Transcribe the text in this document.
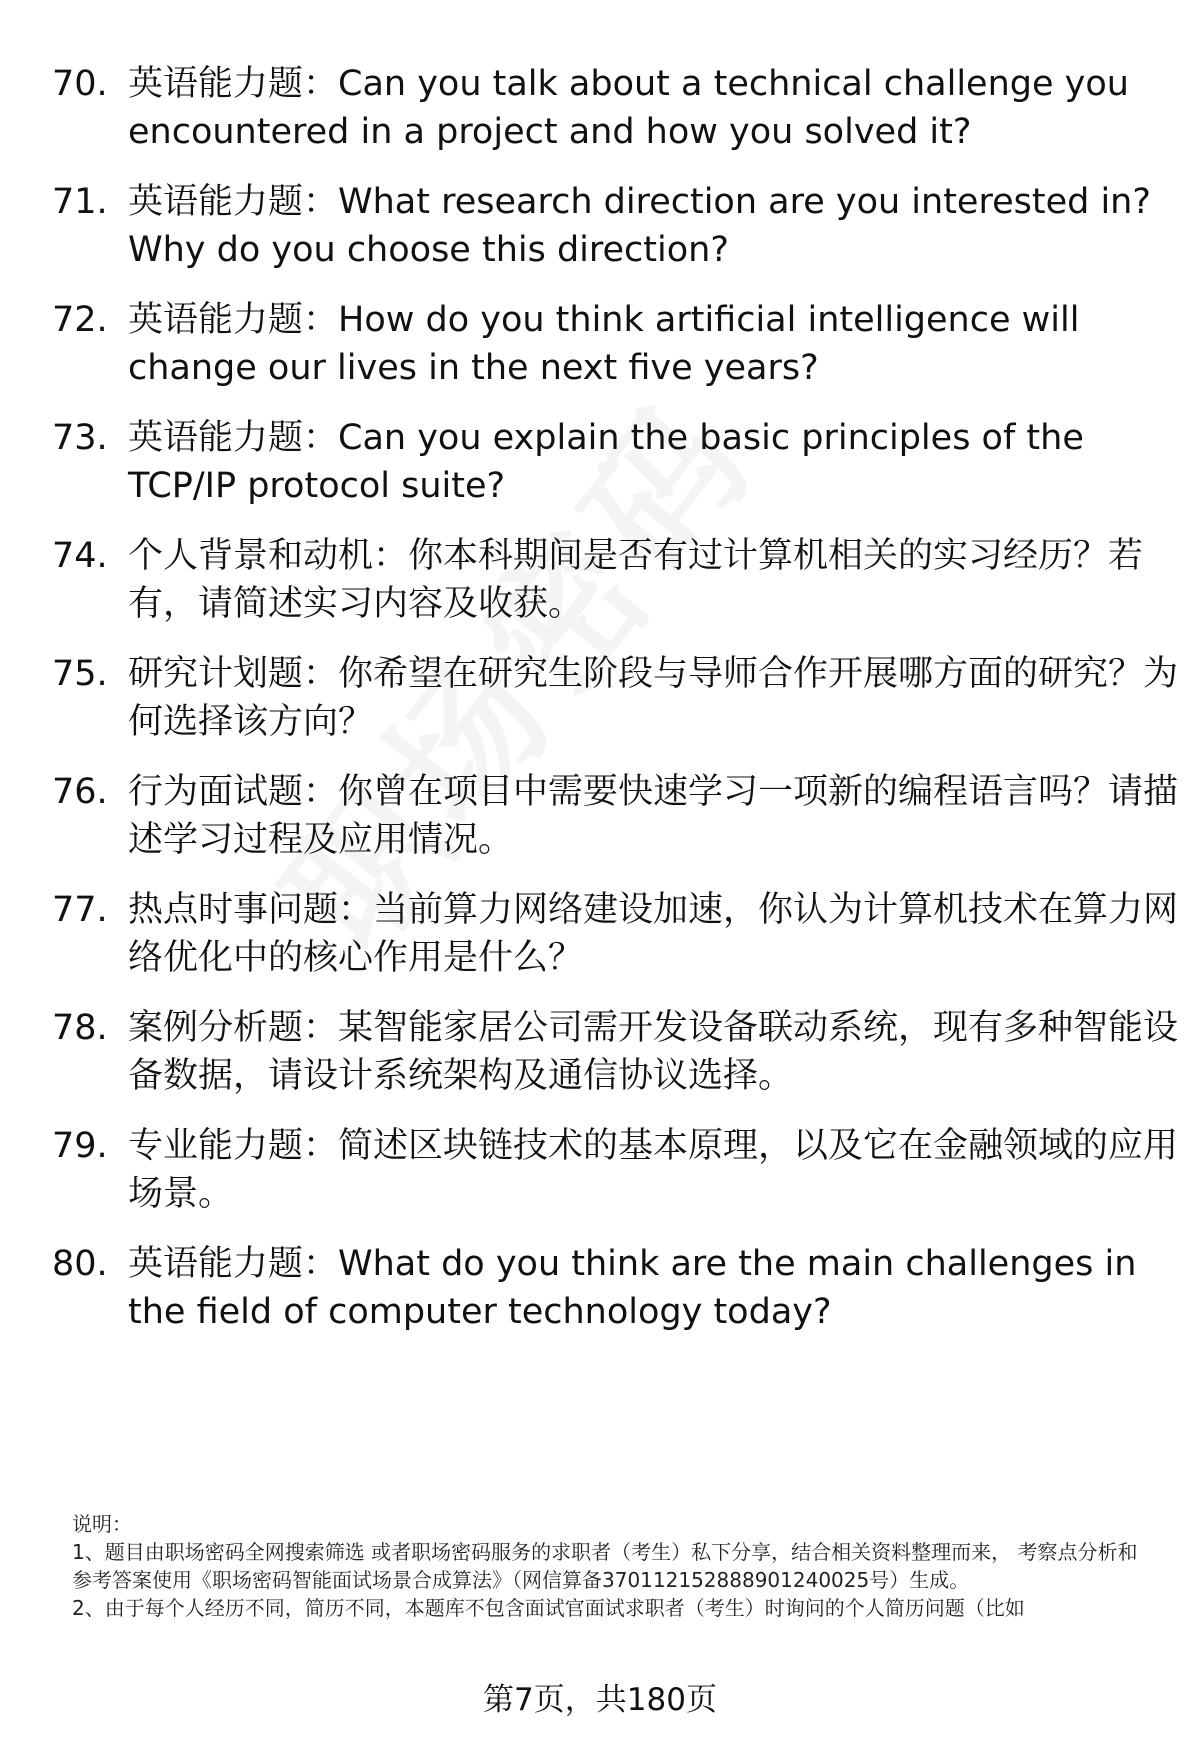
70. 英语能力题：Can you talk about a technical challenge you encountered in a project and how you solved it?
71. 英语能力题：What research direction are you interested in? Why do you choose this direction?
72. 英语能力题：How do you think artificial intelligence will change our lives in the next five years?
73. 英语能力题：Can you explain the basic principles of the TCP/IP protocol suite?
74. 个人背景和动机：你本科期间是否有过计算机相关的实习经历？若有，请简述实习内容及收获。
75. 研究计划题：你希望在研究生阶段与导师合作开展哪方面的研究？为何选择该方向？
76. 行为面试题：你曾在项目中需要快速学习一项新的编程语言吗？请描述学习过程及应用情况。
77. 热点时事问题：当前算力网络建设加速，你认为计算机技术在算力网络优化中的核心作用是什么？
78. 案例分析题：某智能家居公司需开发设备联动系统，现有多种智能设备数据，请设计系统架构及通信协议选择。
79. 专业能力题：简述区块链技术的基本原理，以及它在金融领域的应用场景。
80. 英语能力题：What do you think are the main challenges in the field of computer technology today?
说明：
1、题目由职场密码全网搜索筛选 或者职场密码服务的求职者（考生）私下分享，结合相关资料整理而来， 考察点分析和参考答案使用《职场密码智能面试场景合成算法》（网信算备370112152888901240025号）生成。
2、由于每个人经历不同，简历不同，本题库不包含面试官面试求职者（考生）时询问的个人简历问题（比如
第7页，共180页
